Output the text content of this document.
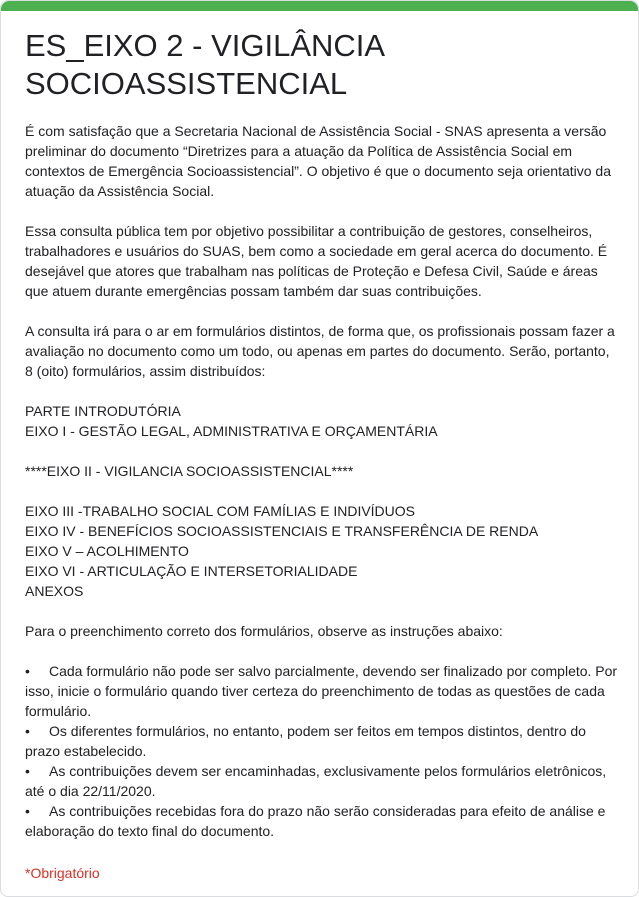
ES_EIXO 2 - VIGILÂNCIA
SOCIOASSISTENCIAL

É com satisfação que a Secretaria Nacional de Assistência Social - SNAS apresenta a versão preliminar do documento “Diretrizes para a atuação da Política de Assistência Social em contextos de Emergência Socioassistencial”. O objetivo é que o documento seja orientativo da atuação da Assistência Social.

Essa consulta pública tem por objetivo possibilitar a contribuição de gestores, conselheiros, trabalhadores e usuários do SUAS, bem como a sociedade em geral acerca do documento. É desejável que atores que trabalham nas políticas de Proteção e Defesa Civil, Saúde e áreas que atuem durante emergências possam também dar suas contribuições.

A consulta irá para o ar em formulários distintos, de forma que, os profissionais possam fazer a avaliação no documento como um todo, ou apenas em partes do documento. Serão, portanto, 8 (oito) formulários, assim distribuídos:

PARTE INTRODUTÓRIA
EIXO I - GESTÃO LEGAL, ADMINISTRATIVA E ORÇAMENTÁRIA
****EIXO II - VIGILANCIA SOCIOASSISTENCIAL****
EIXO III -TRABALHO SOCIAL COM FAMÍLIAS E INDIVÍDUOS
EIXO IV - BENEFÍCIOS SOCIOASSISTENCIAIS E TRANSFERÊNCIA DE RENDA
EIXO V – ACOLHIMENTO
EIXO VI - ARTICULAÇÃO E INTERSETORIALIDADE
ANEXOS

Para o preenchimento correto dos formulários, observe as instruções abaixo:

• Cada formulário não pode ser salvo parcialmente, devendo ser finalizado por completo. Por isso, inicie o formulário quando tiver certeza do preenchimento de todas as questões de cada formulário.

• Os diferentes formulários, no entanto, podem ser feitos em tempos distintos, dentro do prazo estabelecido.

• As contribuições devem ser encaminhadas, exclusivamente pelos formulários eletrônicos, até o dia 22/11/2020.

• As contribuições recebidas fora do prazo não serão consideradas para efeito de análise e elaboração do texto final do documento.

*Obrigatório
